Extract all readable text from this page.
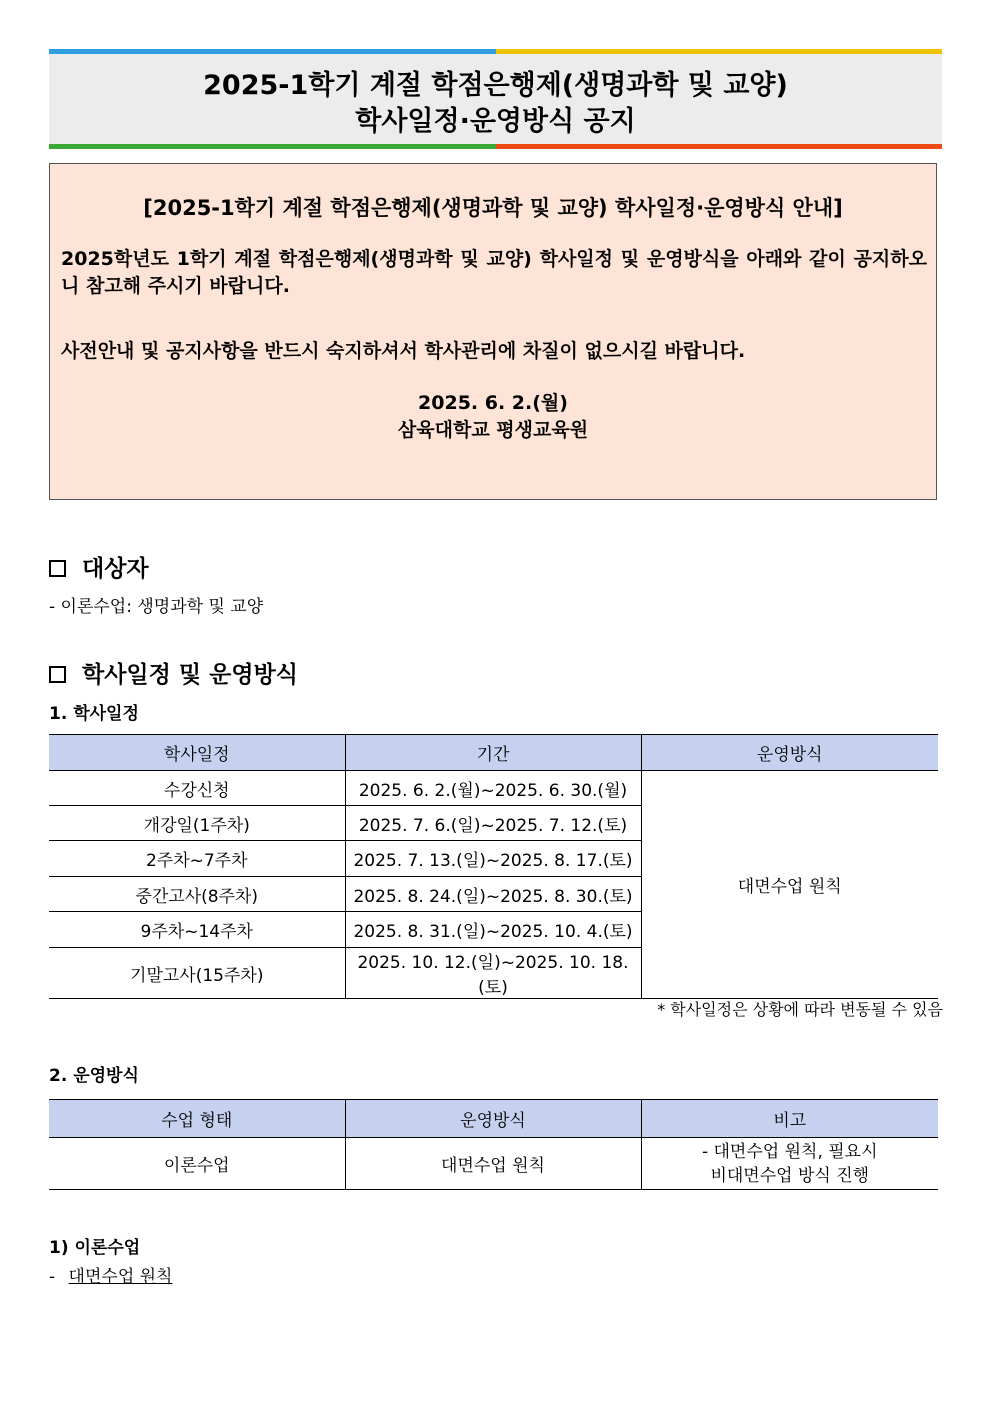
2025-1학기 계절 학점은행제(생명과학 및 교양)
학사일정·운영방식 공지
[2025-1학기 계절 학점은행제(생명과학 및 교양) 학사일정·운영방식 안내]
2025학년도 1학기 계절 학점은행제(생명과학 및 교양) 학사일정 및 운영방식을 아래와 같이 공지하오니 참고해 주시기 바랍니다.
사전안내 및 공지사항을 반드시 숙지하셔서 학사관리에 차질이 없으시길 바랍니다.
2025. 6. 2.(월)
삼육대학교 평생교육원
대상자
- 이론수업: 생명과학 및 교양
학사일정 및 운영방식
1. 학사일정
학사일정	기간	운영방식
수강신청	2025. 6. 2.(월)~2025. 6. 30.(월)	대면수업 원칙
개강일(1주차)	2025. 7. 6.(일)~2025. 7. 12.(토)	
2주차~7주차	2025. 7. 13.(일)~2025. 8. 17.(토)	
중간고사(8주차)	2025. 8. 24.(일)~2025. 8. 30.(토)	
9주차~14주차	2025. 8. 31.(일)~2025. 10. 4.(토)	
기말고사(15주차)	2025. 10. 12.(일)~2025. 10. 18.(토)	
* 학사일정은 상황에 따라 변동될 수 있음
2. 운영방식
수업 형태	운영방식	비고
이론수업	대면수업 원칙	- 대면수업 원칙, 필요시
비대면수업 방식 진행
1) 이론수업
- 대면수업 원칙
